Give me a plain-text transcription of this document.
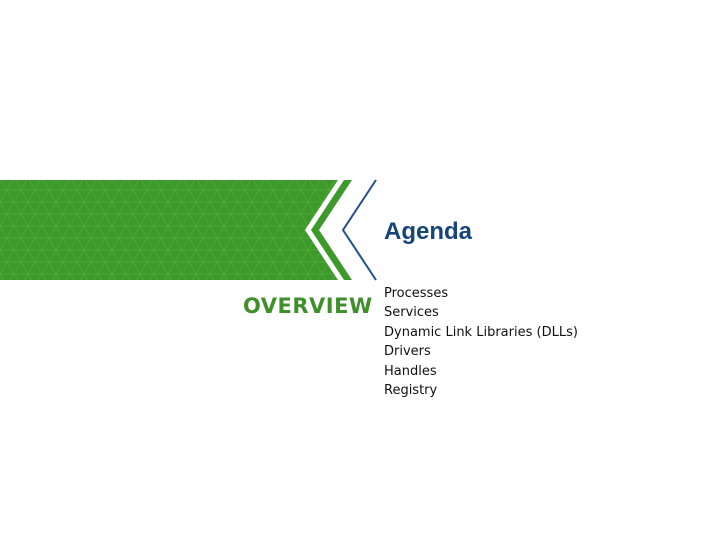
OVERVIEW
Agenda
Processes
Services
Dynamic Link Libraries (DLLs)
Drivers
Handles
Registry
